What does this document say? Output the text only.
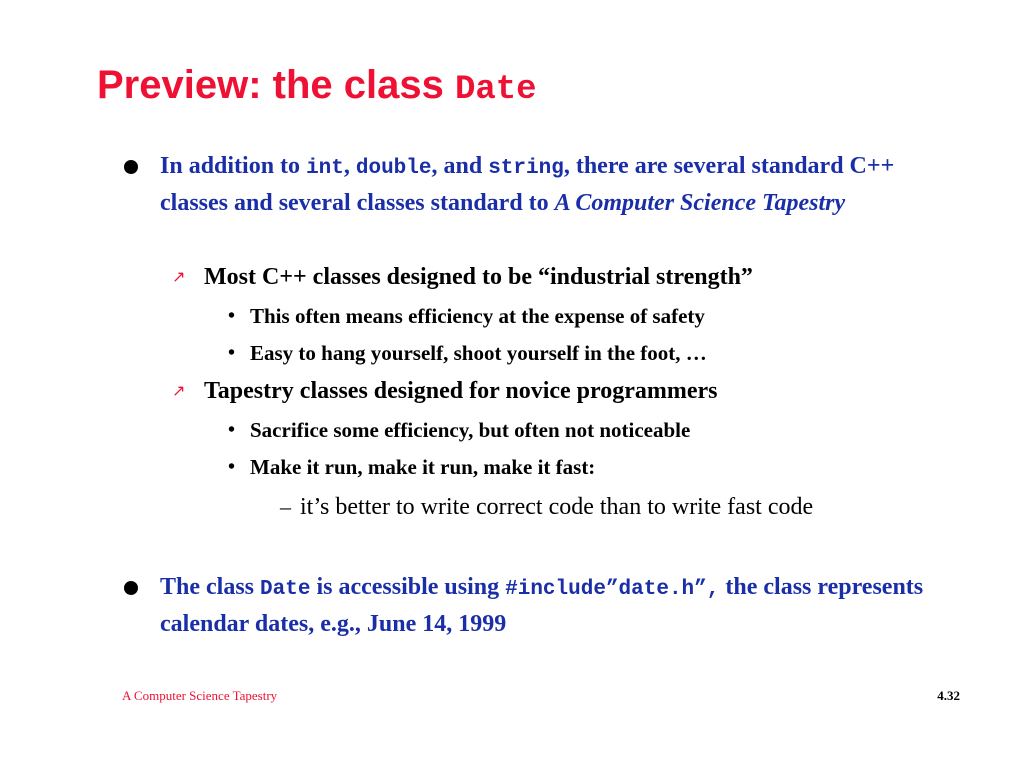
Preview: the class Date

In addition to int, double, and string, there are several standard C++ classes and several classes standard to A Computer Science Tapestry

↗ Most C++ classes designed to be “industrial strength”

• This often means efficiency at the expense of safety

• Easy to hang yourself, shoot yourself in the foot, …

↗ Tapestry classes designed for novice programmers

• Sacrifice some efficiency, but often not noticeable

• Make it run, make it run, make it fast:

– it’s better to write correct code than to write fast code

The class Date is accessible using #include”date.h”, the class represents calendar dates, e.g., June 14, 1999

A Computer Science Tapestry	4.32
